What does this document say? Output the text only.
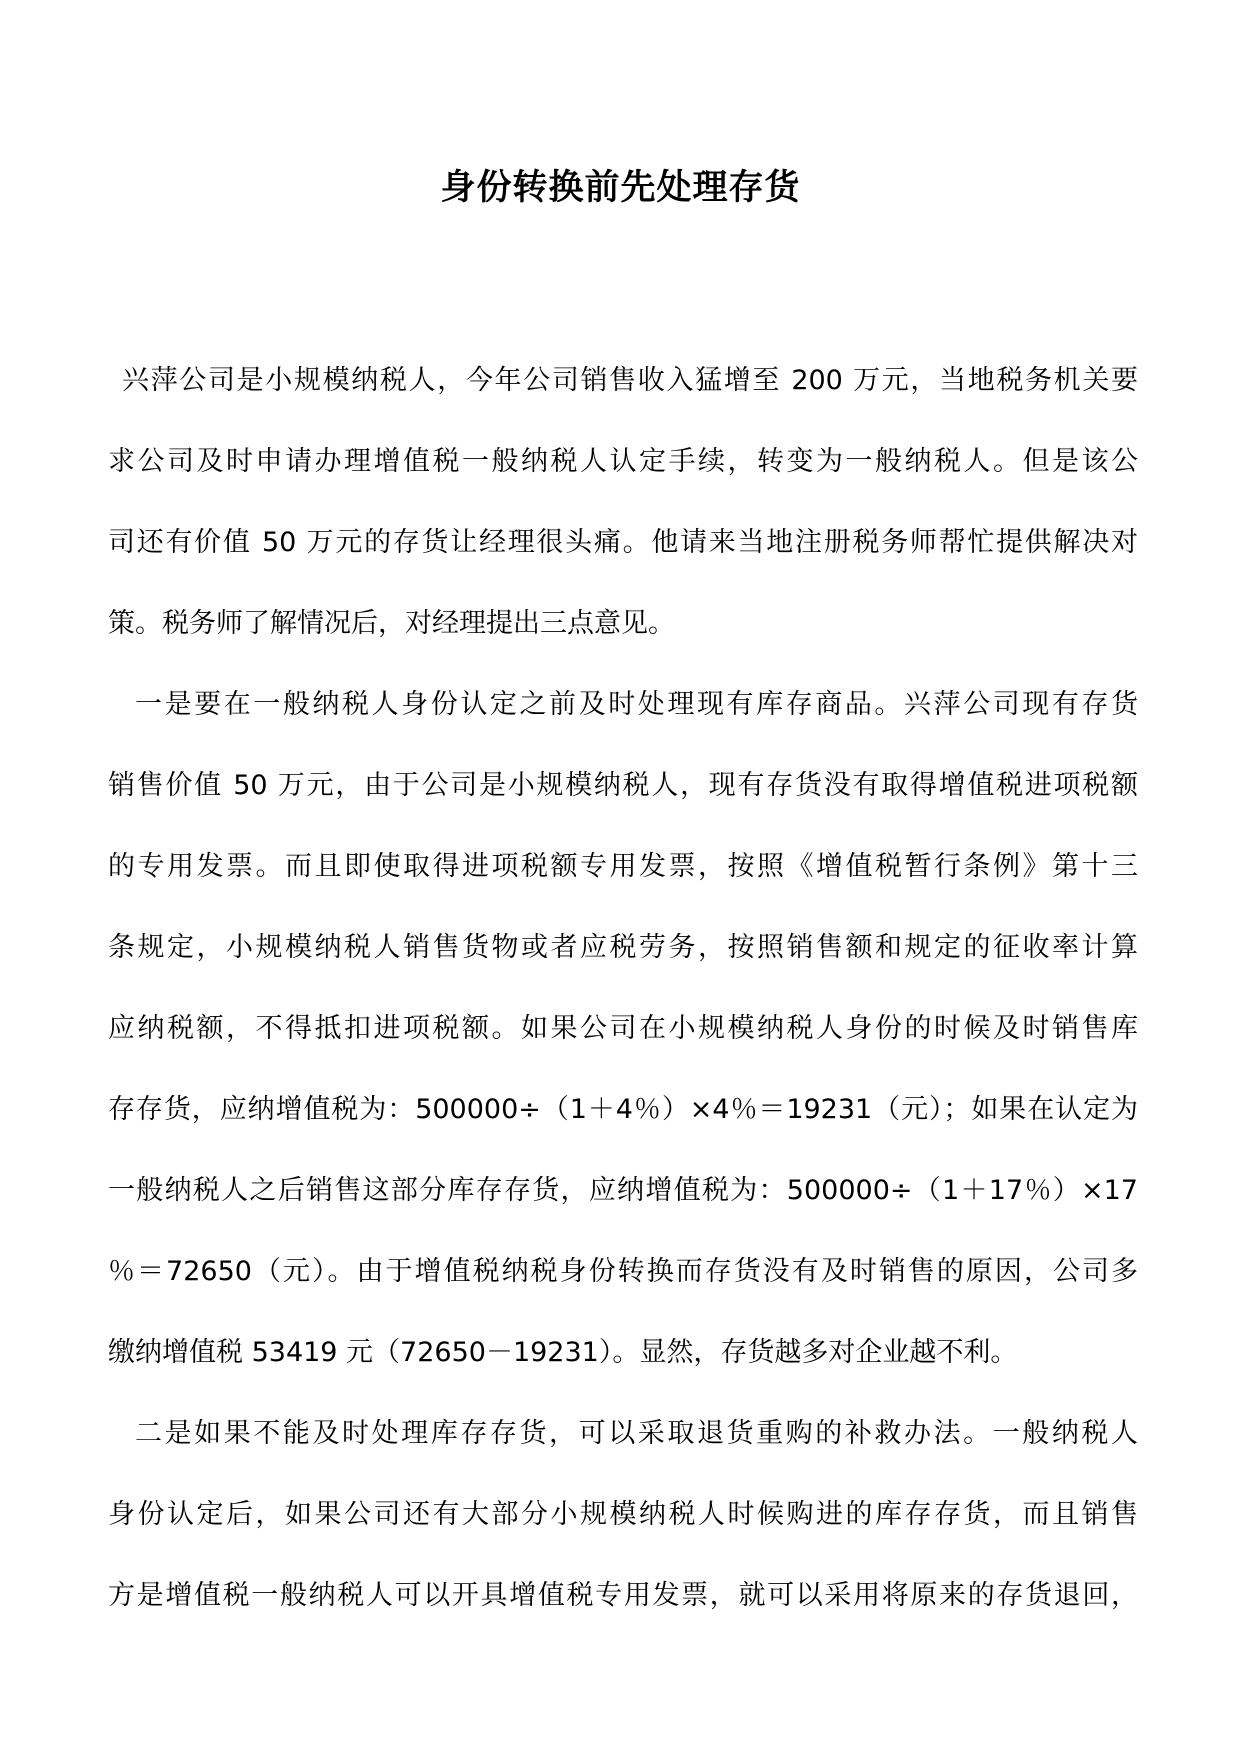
身份转换前先处理存货
兴萍公司是小规模纳税人，今年公司销售收入猛增至 200 万元，当地税务机关要
求公司及时申请办理增值税一般纳税人认定手续，转变为一般纳税人。但是该公
司还有价值 50 万元的存货让经理很头痛。他请来当地注册税务师帮忙提供解决对
策。税务师了解情况后，对经理提出三点意见。
一是要在一般纳税人身份认定之前及时处理现有库存商品。兴萍公司现有存货
销售价值 50 万元，由于公司是小规模纳税人，现有存货没有取得增值税进项税额
的专用发票。而且即使取得进项税额专用发票，按照《增值税暂行条例》第十三
条规定，小规模纳税人销售货物或者应税劳务，按照销售额和规定的征收率计算
应纳税额，不得抵扣进项税额。如果公司在小规模纳税人身份的时候及时销售库
存存货，应纳增值税为：500000÷（1＋4％）×4％＝19231（元）；如果在认定为
一般纳税人之后销售这部分库存存货，应纳增值税为：500000÷（1＋17％）×17
％＝72650（元）。由于增值税纳税身份转换而存货没有及时销售的原因，公司多
缴纳增值税 53419 元（72650－19231）。显然，存货越多对企业越不利。
二是如果不能及时处理库存存货，可以采取退货重购的补救办法。一般纳税人
身份认定后，如果公司还有大部分小规模纳税人时候购进的库存存货，而且销售
方是增值税一般纳税人可以开具增值税专用发票，就可以采用将原来的存货退回，
